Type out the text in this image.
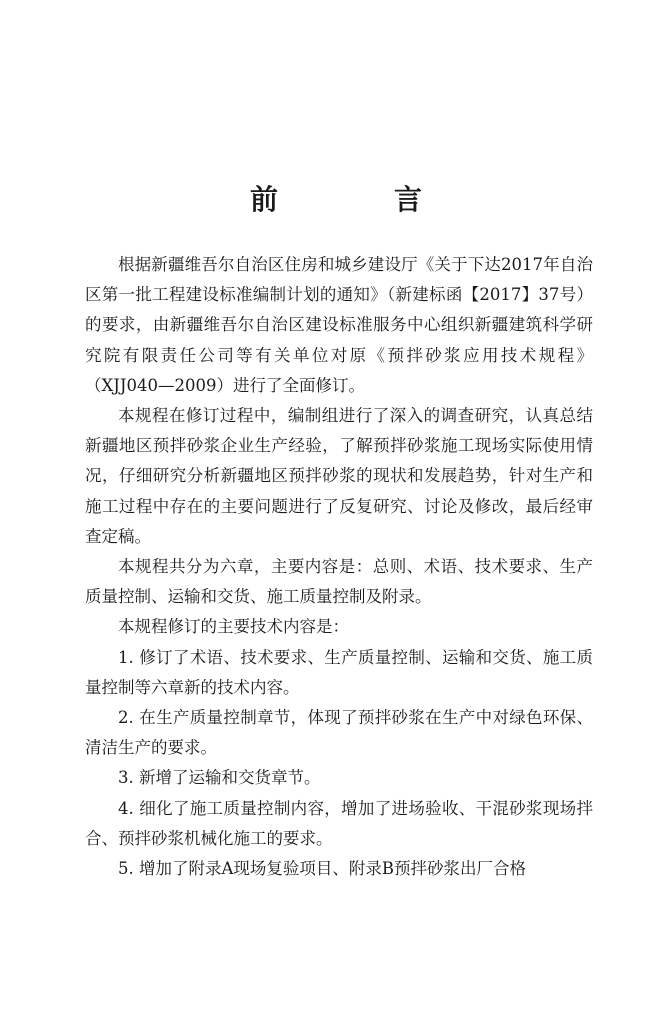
前　言

根据新疆维吾尔自治区住房和城乡建设厅《关于下达2017年自治区第一批工程建设标准编制计划的通知》（新建标函【2017】37号）的要求，由新疆维吾尔自治区建设标准服务中心组织新疆建筑科学研究院有限责任公司等有关单位对原《预拌砂浆应用技术规程》（XJJ040—2009）进行了全面修订。

本规程在修订过程中，编制组进行了深入的调查研究，认真总结新疆地区预拌砂浆企业生产经验，了解预拌砂浆施工现场实际使用情况，仔细研究分析新疆地区预拌砂浆的现状和发展趋势，针对生产和施工过程中存在的主要问题进行了反复研究、讨论及修改，最后经审查定稿。

本规程共分为六章，主要内容是：总则、术语、技术要求、生产质量控制、运输和交货、施工质量控制及附录。

本规程修订的主要技术内容是：

1. 修订了术语、技术要求、生产质量控制、运输和交货、施工质量控制等六章新的技术内容。

2. 在生产质量控制章节，体现了预拌砂浆在生产中对绿色环保、清洁生产的要求。

3. 新增了运输和交货章节。

4. 细化了施工质量控制内容，增加了进场验收、干混砂浆现场拌合、预拌砂浆机械化施工的要求。

5. 增加了附录A现场复验项目、附录B预拌砂浆出厂合格
